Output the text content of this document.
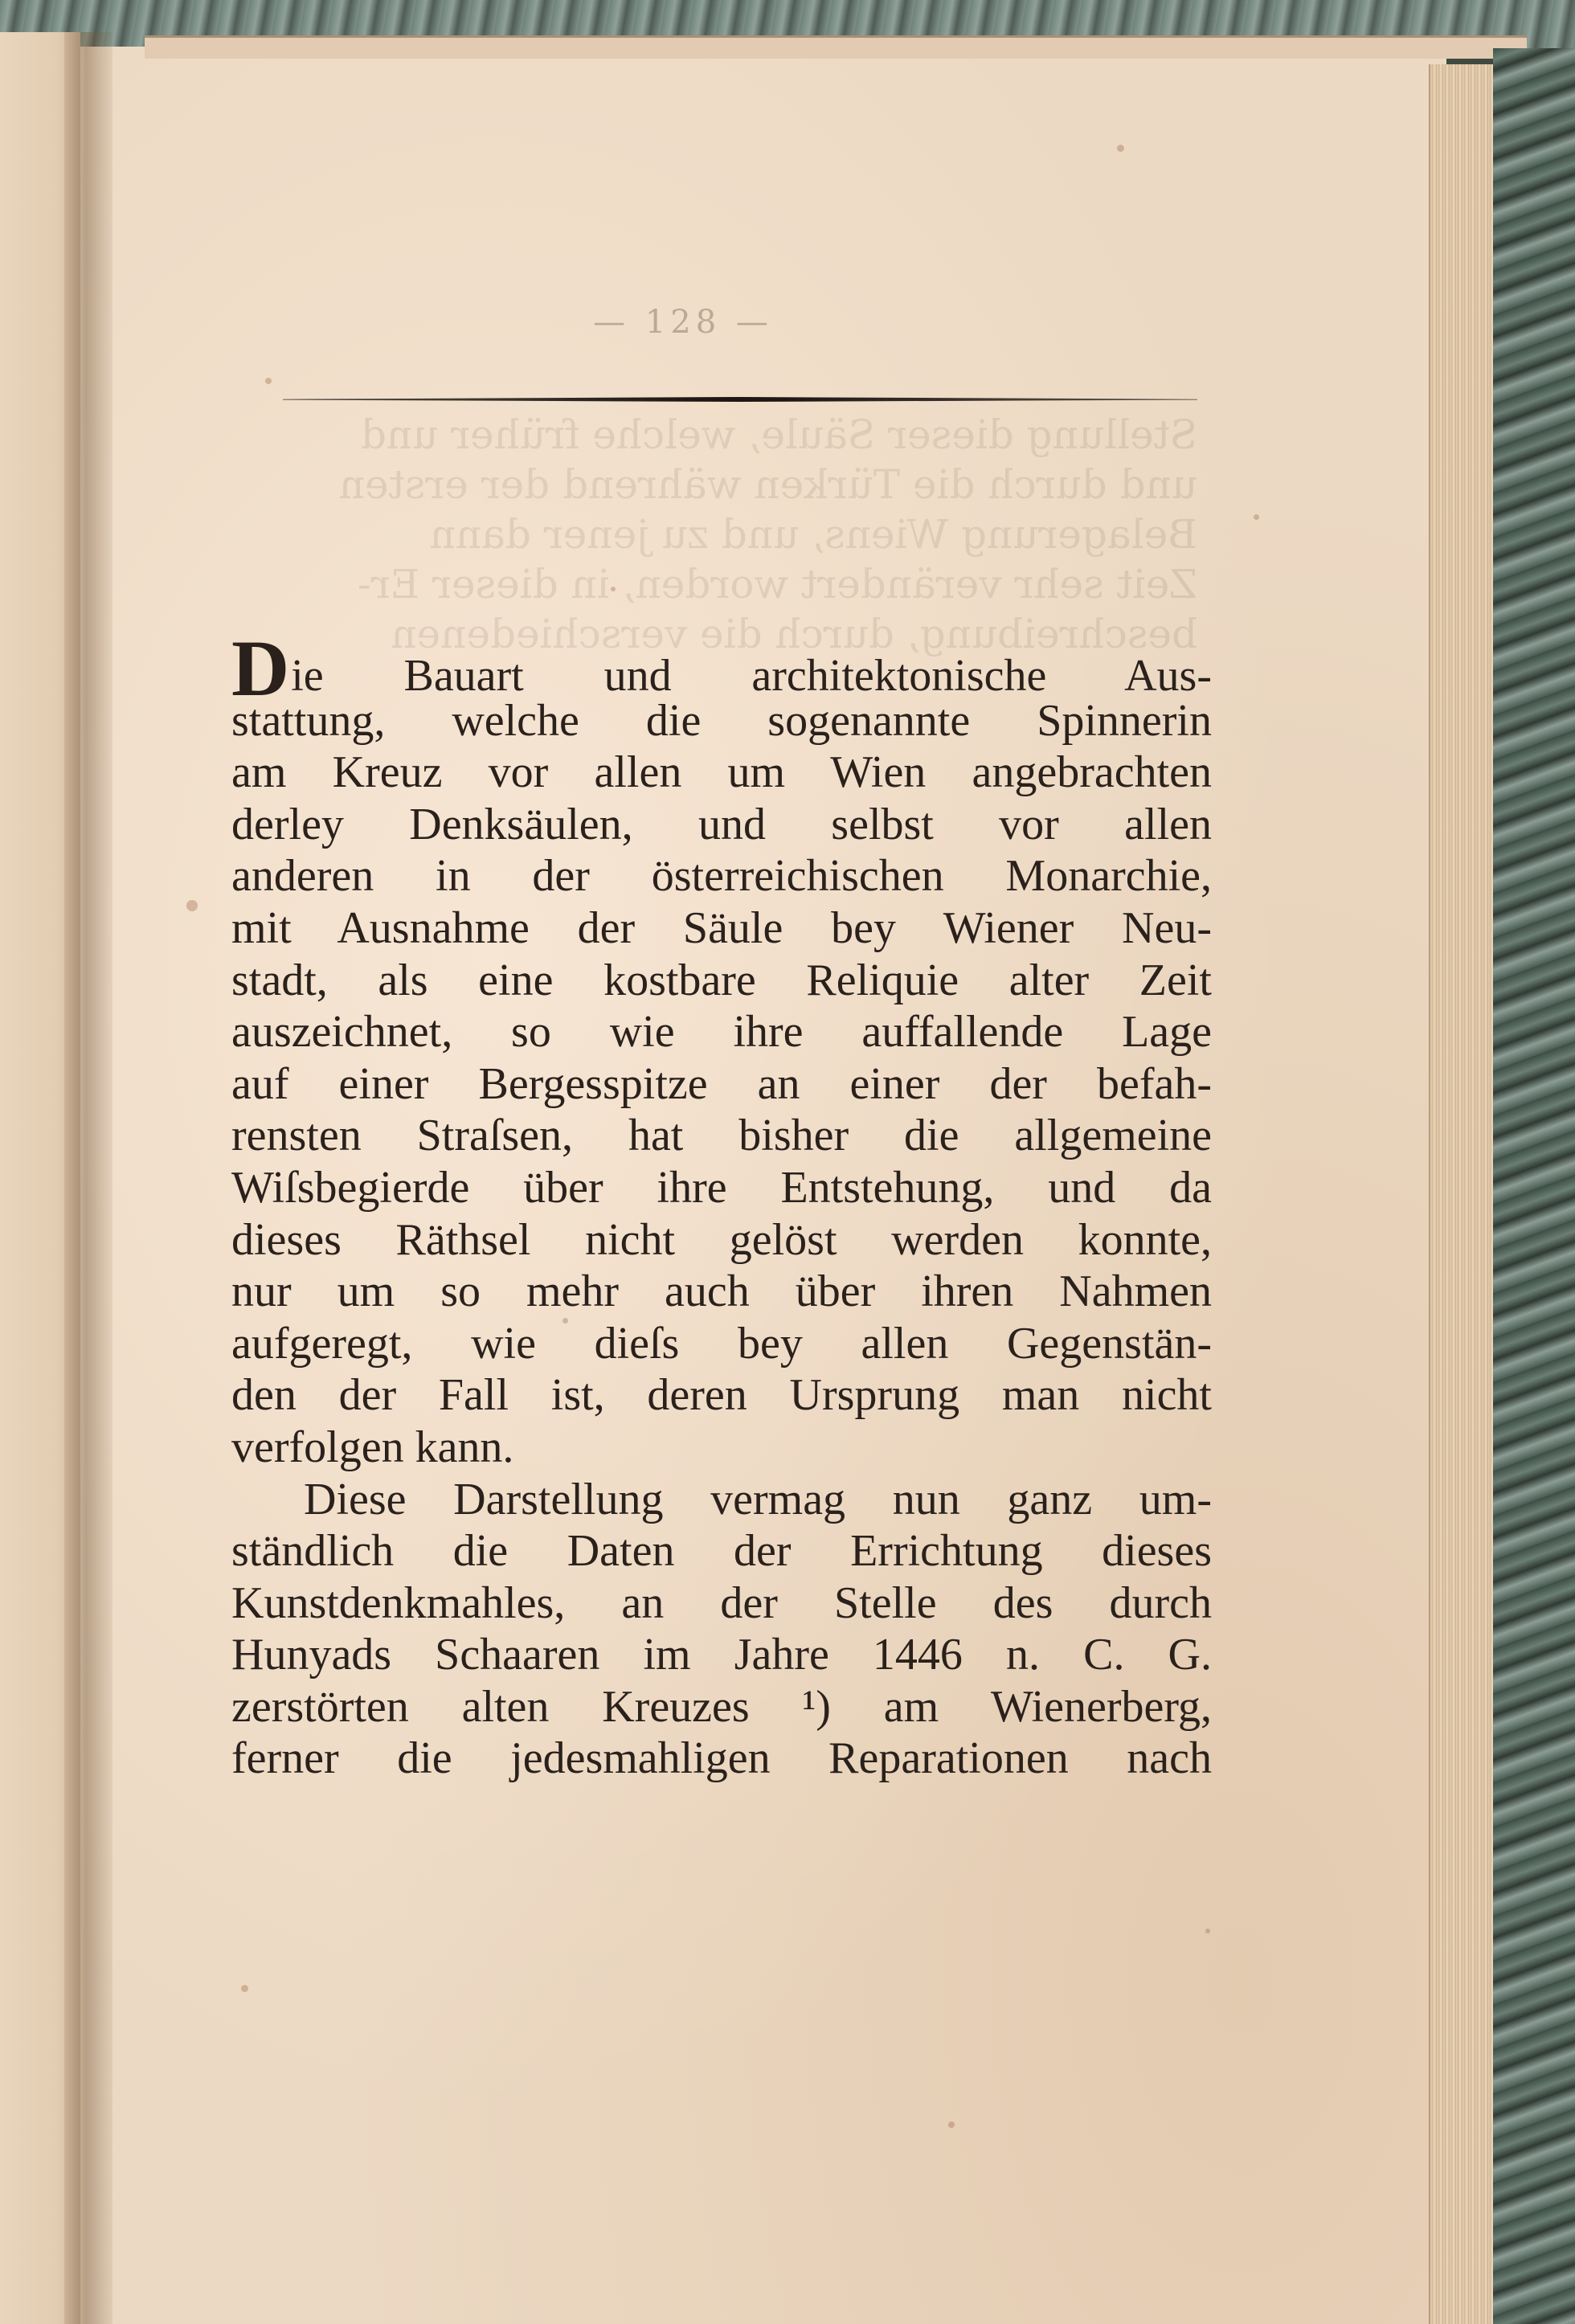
Stellung dieser Säule, welche früher und
und durch die Türken während der ersten
Belagerung Wiens, und zu jener dann
Zeit sehr verändert worden, in dieser Er-
beschreibung, durch die verschiedenen
— 128 —
Die Bauart und architektonische Aus-
stattung, welche die sogenannte Spinnerin
am Kreuz vor allen um Wien angebrachten
derley Denksäulen, und selbst vor allen
anderen in der österreichischen Monarchie,
mit Ausnahme der Säule bey Wiener Neu-
stadt, als eine kostbare Reliquie alter Zeit
auszeichnet, so wie ihre auffallende Lage
auf einer Bergesspitze an einer der befah-
rensten Straſsen, hat bisher die allgemeine
Wiſsbegierde über ihre Entstehung, und da
dieses Räthsel nicht gelöst werden konnte,
nur um so mehr auch über ihren Nahmen
aufgeregt, wie dieſs bey allen Gegenstän-
den der Fall ist, deren Ursprung man nicht
verfolgen kann.
Diese Darstellung vermag nun ganz um-
ständlich die Daten der Errichtung dieses
Kunstdenkmahles, an der Stelle des durch
Hunyads Schaaren im Jahre 1446 n. C. G.
zerstörten alten Kreuzes ¹) am Wienerberg,
ferner die jedesmahligen Reparationen nach
